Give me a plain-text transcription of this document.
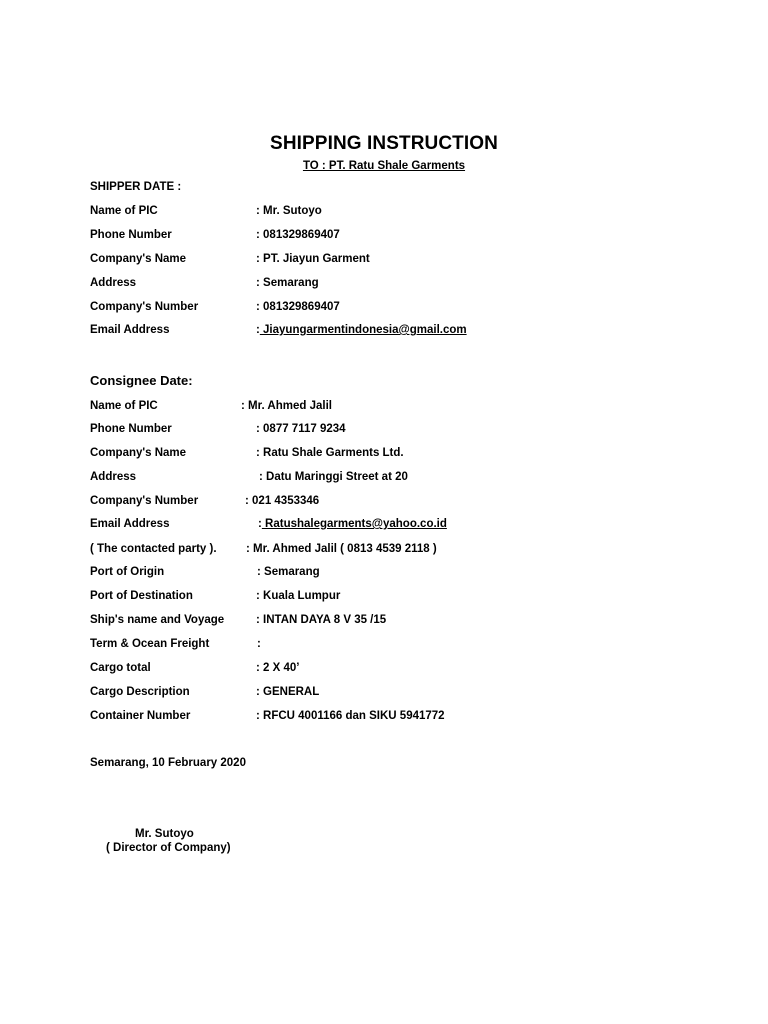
SHIPPING INSTRUCTION
TO : PT. Ratu Shale Garments
SHIPPER DATE :
Name of PIC	: Mr. Sutoyo
Phone Number	: 081329869407
Company's Name	: PT. Jiayun Garment
Address	: Semarang
Company's Number	: 081329869407
Email Address	: Jiayungarmentindonesia@gmail.com
Consignee Date:
Name of PIC	: Mr. Ahmed Jalil
Phone Number	: 0877 7117 9234
Company's Name	: Ratu Shale Garments Ltd.
Address	: Datu Maringgi Street at 20
Company's Number	: 021 4353346
Email Address	: Ratushalegarments@yahoo.co.id
( The contacted party ).	: Mr. Ahmed Jalil ( 0813 4539 2118 )
Port of Origin	: Semarang
Port of Destination	: Kuala Lumpur
Ship's name and Voyage	: INTAN DAYA 8 V 35 /15
Term & Ocean Freight	:
Cargo total	: 2 X 40’
Cargo Description	: GENERAL
Container Number	: RFCU 4001166 dan SIKU 5941772
Semarang, 10 February 2020
Mr. Sutoyo
( Director of Company)
